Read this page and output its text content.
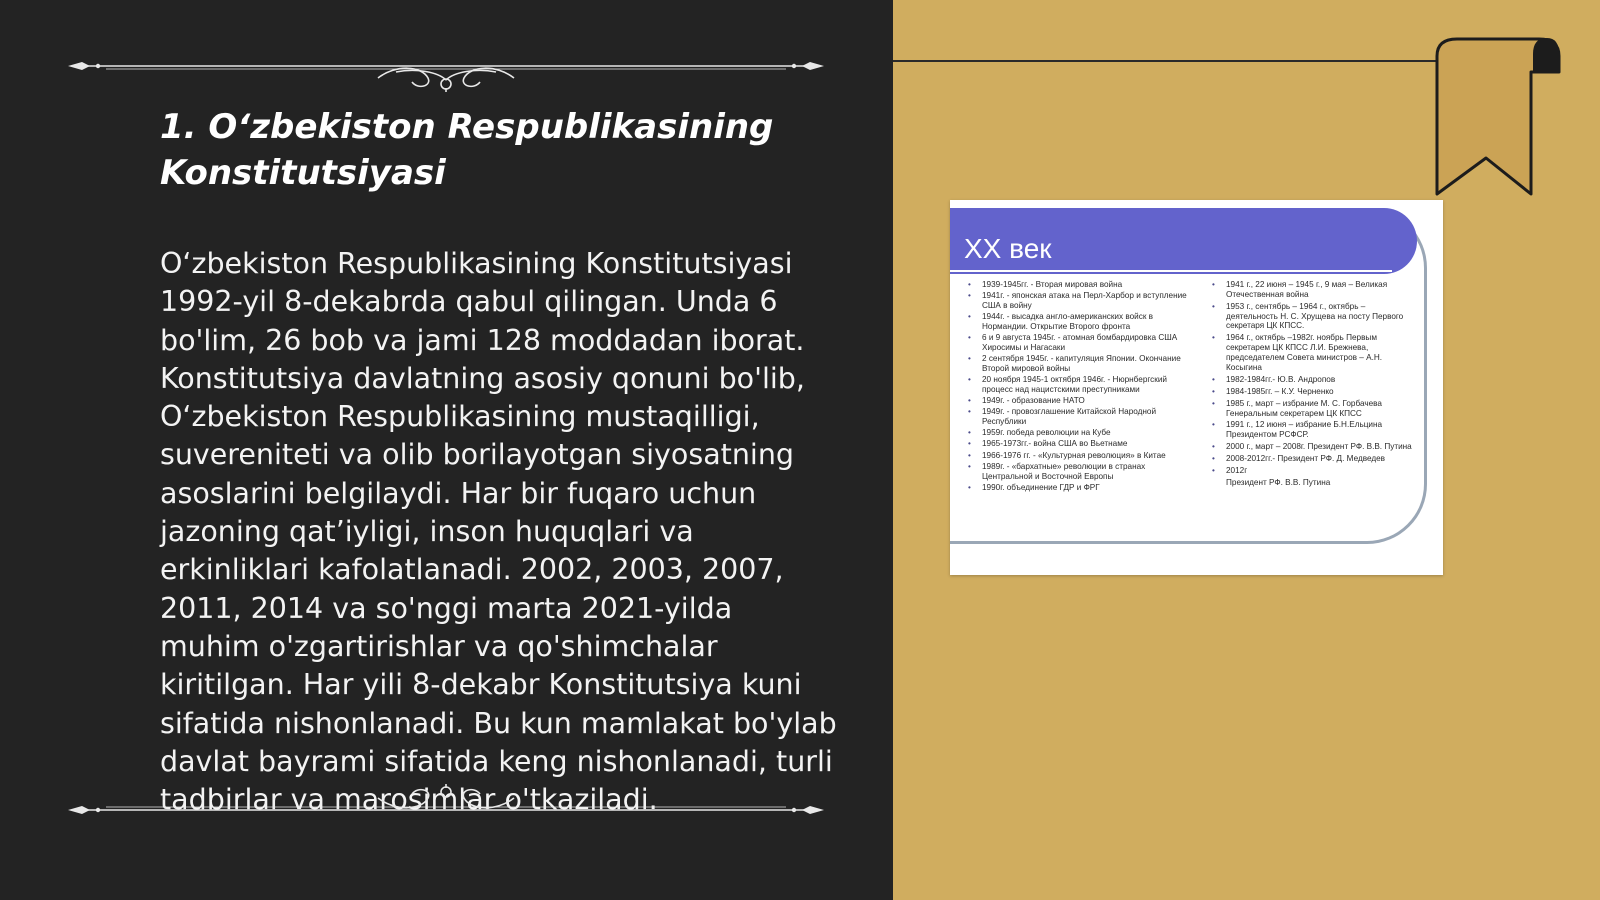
1. O‘zbekiston Respublikasining Konstitutsiyasi

O‘zbekiston Respublikasining Konstitutsiyasi 1992-yil 8-dekabrda qabul qilingan. Unda 6 bo'lim, 26 bob va jami 128 moddadan iborat. Konstitutsiya davlatning asosiy qonuni bo'lib, O‘zbekiston Respublikasining mustaqilligi, suvereniteti va olib borilayotgan siyosatning asoslarini belgilaydi. Har bir fuqaro uchun jazoning qat’iyligi, inson huquqlari va erkinliklari kafolatlanadi. 2002, 2003, 2007, 2011, 2014 va so'nggi marta 2021-yilda muhim o'zgartirishlar va qo'shimchalar kiritilgan. Har yili 8-dekabr Konstitutsiya kuni sifatida nishonlanadi. Bu kun mamlakat bo'ylab davlat bayrami sifatida keng nishonlanadi, turli tadbirlar va marosimlar o'tkaziladi.

XX век
• 1939-1945гг. - Вторая мировая война
• 1941г. - японская атака на Перл-Харбор и вступление США в войну
• 1944г. - высадка англо-американских войск в Нормандии. Открытие Второго фронта
• 6 и 9 августа 1945г. - атомная бомбардировка США Хиросимы и Нагасаки
• 2 сентября 1945г. - капитуляция Японии. Окончание Второй мировой войны
• 20 ноября 1945-1 октября 1946г. - Нюрнбергский процесс над нацистскими преступниками
• 1949г. - образование НАТО
• 1949г. - провозглашение Китайской Народной Республики
• 1959г. победа революции на Кубе
• 1965-1973гг.- война США во Вьетнаме
• 1966-1976 гг. - «Культурная революция» в Китае
• 1989г. - «бархатные» революции в странах Центральной и Восточной Европы
• 1990г. объединение ГДР и ФРГ
• 1941 г., 22 июня – 1945 г., 9 мая – Великая Отечественная война
• 1953 г., сентябрь – 1964 г., октябрь – деятельность Н. С. Хрущева на посту Первого секретаря ЦК КПСС.
• 1964 г., октябрь –1982г. ноябрь Первым секретарем ЦК КПСС Л.И. Брежнева, председателем Совета министров – А.Н. Косыгина
• 1982-1984гг.- Ю.В. Андропов
• 1984-1985гг. – К.У. Черненко
• 1985 г., март – избрание М. С. Горбачева Генеральным секретарем ЦК КПСС
• 1991 г., 12 июня – избрание Б.Н.Ельцина Президентом РСФСР.
• 2000 г., март – 2008г. Президент РФ. В.В. Путина
• 2008-2012гг.- Президент РФ. Д. Медведев
• 2012г
Президент РФ. В.В. Путина
